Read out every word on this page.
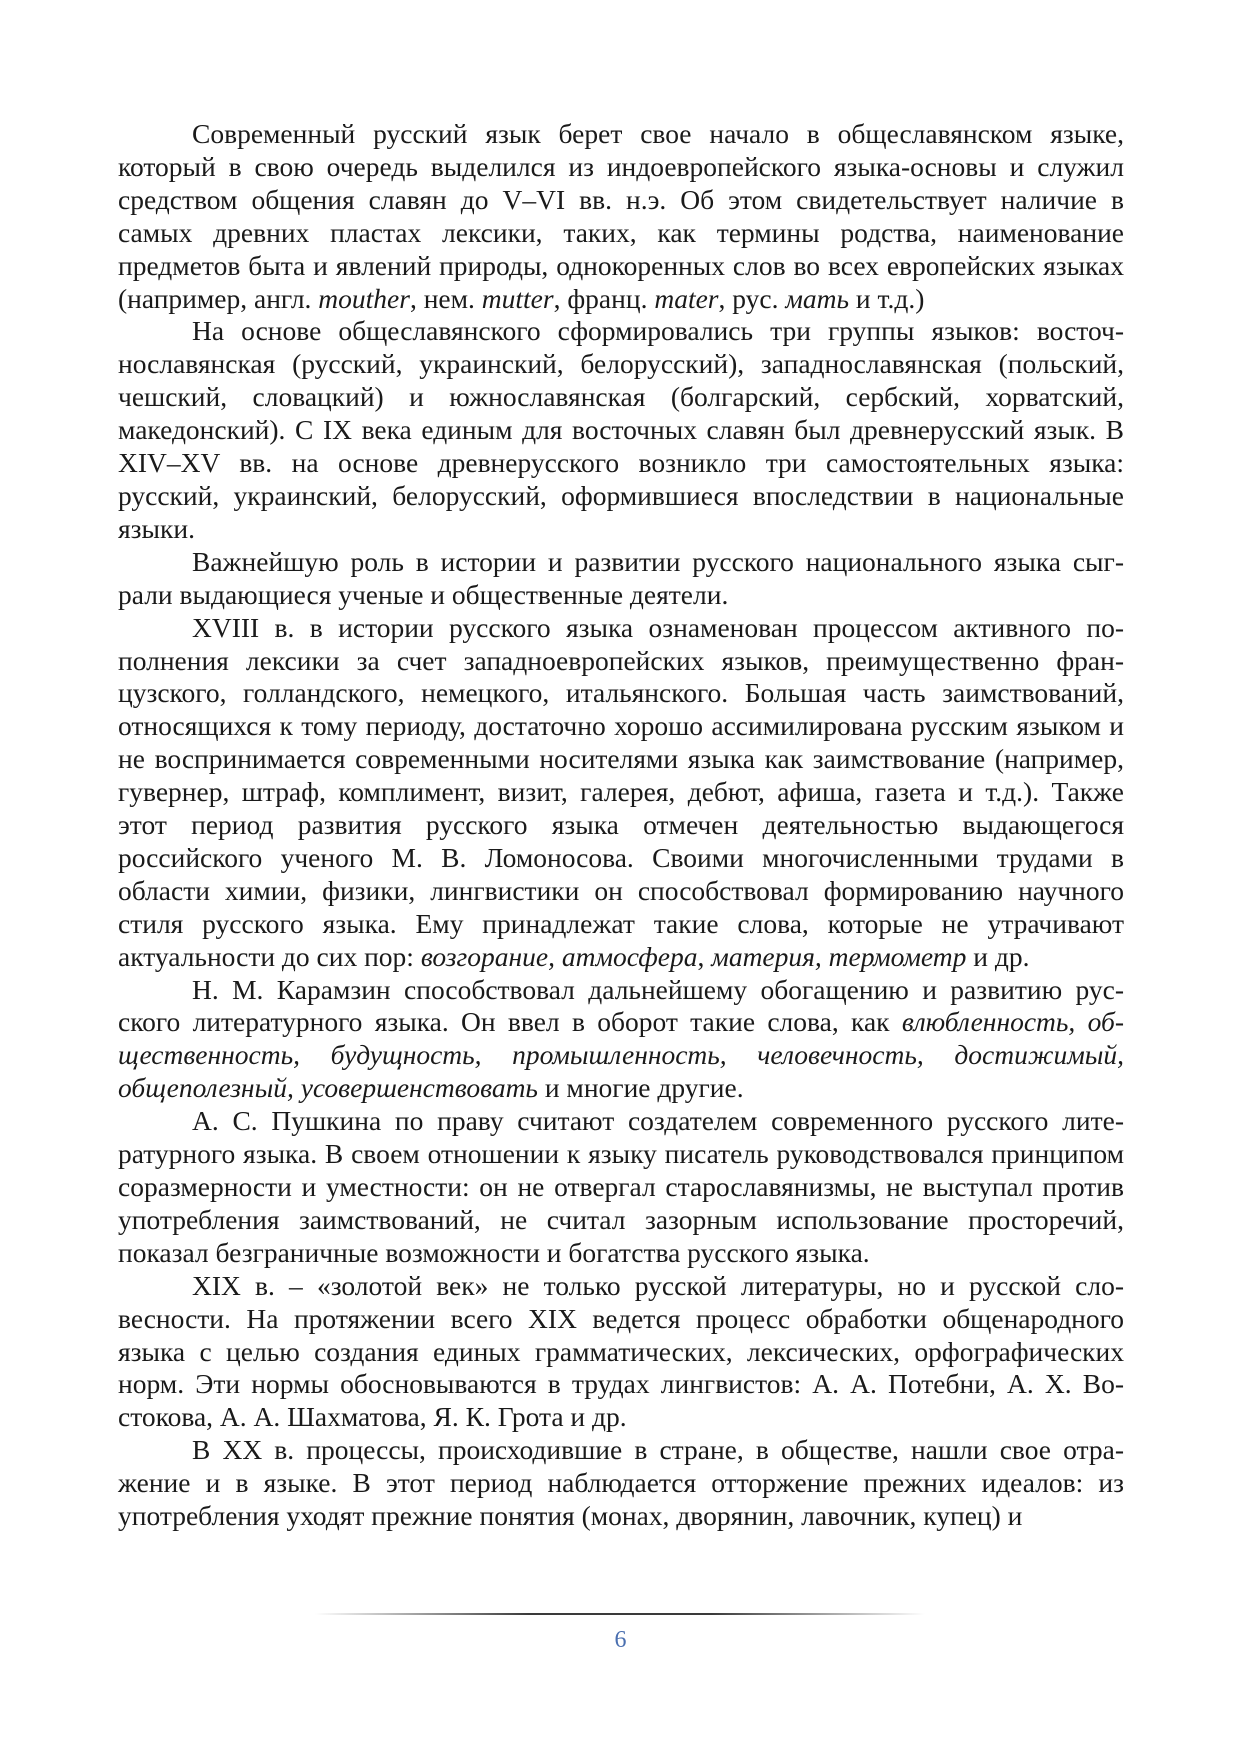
Современный русский язык берет свое начало в общеславянском языке, который в свою очередь выделился из индоевропейского языка-основы и служил средством общения славян до V–VI вв. н.э. Об этом свидетельствует наличие в самых древних пластах лексики, таких, как термины родства, наименование предметов быта и явлений природы, однокоренных слов во всех европейских языках (например, англ. mouther, нем. mutter, франц. mater, рус. мать и т.д.)

На основе общеславянского сформировались три группы языков: восточнославянская (русский, украинский, белорусский), западнославянская (польский, чешский, словацкий) и южнославянская (болгарский, сербский, хорватский, македонский). С IX века единым для восточных славян был древнерусский язык. В XIV–XV вв. на основе древнерусского возникло три самостоятельных языка: русский, украинский, белорусский, оформившиеся впоследствии в национальные языки.

Важнейшую роль в истории и развитии русского национального языка сыграли выдающиеся ученые и общественные деятели.

XVIII в. в истории русского языка ознаменован процессом активного пополнения лексики за счет западноевропейских языков, преимущественно французского, голландского, немецкого, итальянского. Большая часть заимствований, относящихся к тому периоду, достаточно хорошо ассимилирована русским языком и не воспринимается современными носителями языка как заимствование (например, гувернер, штраф, комплимент, визит, галерея, дебют, афиша, газета и т.д.). Также этот период развития русского языка отмечен деятельностью выдающегося российского ученого М. В. Ломоносова. Своими многочисленными трудами в области химии, физики, лингвистики он способствовал формированию научного стиля русского языка. Ему принадлежат такие слова, которые не утрачивают актуальности до сих пор: возгорание, атмосфера, материя, термометр и др.

Н. М. Карамзин способствовал дальнейшему обогащению и развитию русского литературного языка. Он ввел в оборот такие слова, как влюбленность, общественность, будущность, промышленность, человечность, достижимый, общеполезный, усовершенствовать и многие другие.

А. С. Пушкина по праву считают создателем современного русского литературного языка. В своем отношении к языку писатель руководствовался принципом соразмерности и уместности: он не отвергал старославянизмы, не выступал против употребления заимствований, не считал зазорным использование просторечий, показал безграничные возможности и богатства русского языка.

XIX в. – «золотой век» не только русской литературы, но и русской словесности. На протяжении всего XIX ведется процесс обработки общенародного языка с целью создания единых грамматических, лексических, орфографических норм. Эти нормы обосновываются в трудах лингвистов: А. А. Потебни, А. Х. Востокова, А. А. Шахматова, Я. К. Грота и др.

В XX в. процессы, происходившие в стране, в обществе, нашли свое отражение и в языке. В этот период наблюдается отторжение прежних идеалов: из употребления уходят прежние понятия (монах, дворянин, лавочник, купец) и

6
